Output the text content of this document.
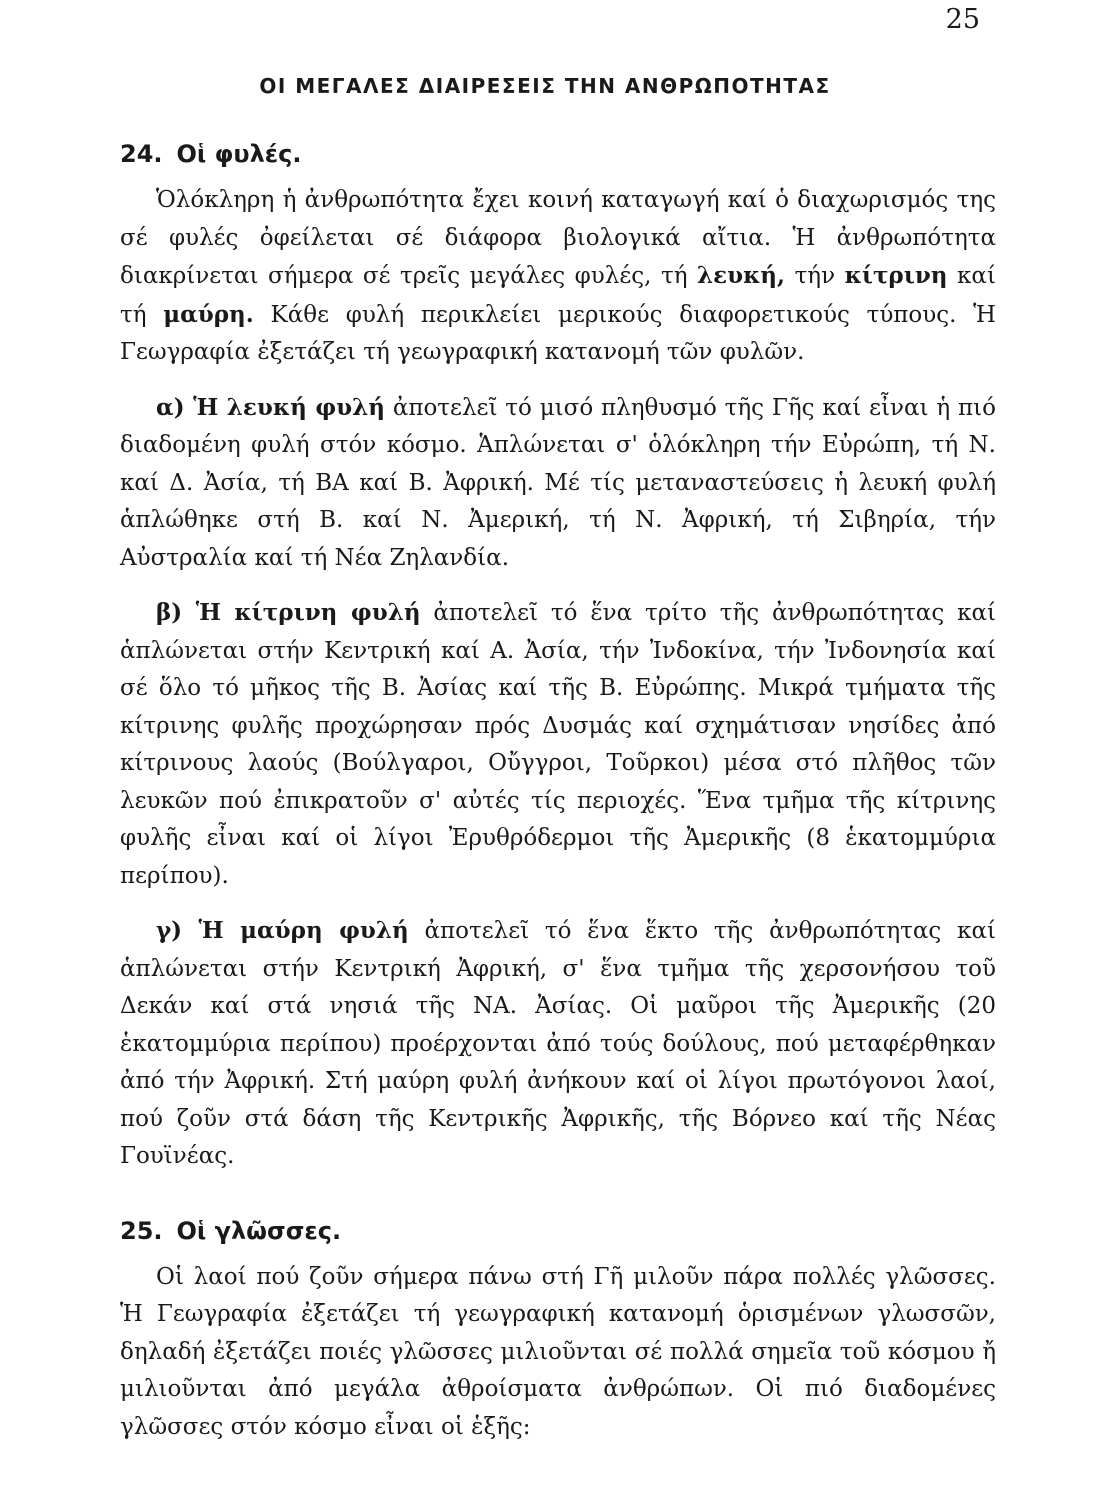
25
ΟΙ ΜΕΓΑΛΕΣ ΔΙΑΙΡΕΣΕΙΣ ΤΗΝ ΑΝΘΡΩΠΟΤΗΤΑΣ
24. Οἱ φυλές.

Ὁλόκληρη ἡ ἀνθρωπότητα ἔχει κοινή καταγωγή καί ὁ διαχωρισμός της σέ φυλές ὀφείλεται σέ διάφορα βιολογικά αἴτια. Ἡ ἀνθρωπότητα διακρίνεται σήμερα σέ τρεῖς μεγάλες φυλές, τή λευκή, τήν κίτρινη καί τή μαύρη. Κάθε φυλή περικλείει μερικούς διαφορετικούς τύπους. Ἡ Γεωγραφία ἐξετάζει τή γεωγραφική κατανομή τῶν φυλῶν.

α) Ἡ λευκή φυλή ἀποτελεῖ τό μισό πληθυσμό τῆς Γῆς καί εἶναι ἡ πιό διαδομένη φυλή στόν κόσμο. Ἁπλώνεται σ' ὁλόκληρη τήν Εὐρώπη, τή Ν. καί Δ. Ἀσία, τή ΒΑ καί Β. Ἀφρική. Μέ τίς μεταναστεύσεις ἡ λευκή φυλή ἁπλώθηκε στή Β. καί Ν. Ἀμερική, τή Ν. Ἀφρική, τή Σιβηρία, τήν Αὐστραλία καί τή Νέα Ζηλανδία.

β) Ἡ κίτρινη φυλή ἀποτελεῖ τό ἕνα τρίτο τῆς ἀνθρωπότητας καί ἁπλώνεται στήν Κεντρική καί Α. Ἀσία, τήν Ἰνδοκίνα, τήν Ἰνδονησία καί σέ ὅλο τό μῆκος τῆς Β. Ἀσίας καί τῆς Β. Εὐρώπης. Μικρά τμήματα τῆς κίτρινης φυλῆς προχώρησαν πρός Δυσμάς καί σχημάτισαν νησίδες ἀπό κίτρινους λαούς (Βούλγαροι, Οὔγγροι, Τοῦρκοι) μέσα στό πλῆθος τῶν λευκῶν πού ἐπικρατοῦν σ' αὐτές τίς περιοχές. Ἕνα τμῆμα τῆς κίτρινης φυλῆς εἶναι καί οἱ λίγοι Ἐρυθρόδερμοι τῆς Ἀμερικῆς (8 ἑκατομμύρια περίπου).

γ) Ἡ μαύρη φυλή ἀποτελεῖ τό ἕνα ἕκτο τῆς ἀνθρωπότητας καί ἁπλώνεται στήν Κεντρική Ἀφρική, σ' ἕνα τμῆμα τῆς χερσονήσου τοῦ Δεκάν καί στά νησιά τῆς ΝΑ. Ἀσίας. Οἱ μαῦροι τῆς Ἀμερικῆς (20 ἑκατομμύρια περίπου) προέρχονται ἀπό τούς δούλους, πού μεταφέρθηκαν ἀπό τήν Ἀφρική. Στή μαύρη φυλή ἀνήκουν καί οἱ λίγοι πρωτόγονοι λαοί, πού ζοῦν στά δάση τῆς Κεντρικῆς Ἀφρικῆς, τῆς Βόρνεο καί τῆς Νέας Γουϊνέας.

25. Οἱ γλῶσσες.

Οἱ λαοί πού ζοῦν σήμερα πάνω στή Γῆ μιλοῦν πάρα πολλές γλῶσσες. Ἡ Γεωγραφία ἐξετάζει τή γεωγραφική κατανομή ὁρισμένων γλωσσῶν, δηλαδή ἐξετάζει ποιές γλῶσσες μιλιοῦνται σέ πολλά σημεῖα τοῦ κόσμου ἤ μιλιοῦνται ἀπό μεγάλα ἀθροίσματα ἀνθρώπων. Οἱ πιό διαδομένες γλῶσσες στόν κόσμο εἶναι οἱ ἑξῆς:
